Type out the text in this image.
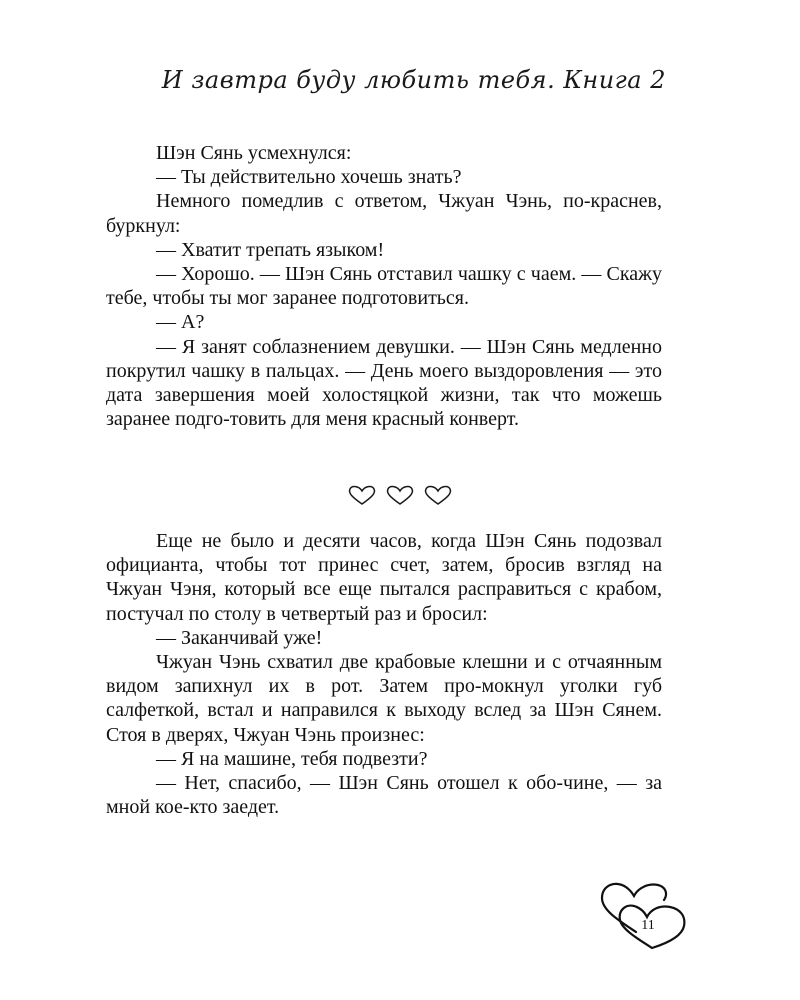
И завтра буду любить тебя. Книга 2

Шэн Сянь усмехнулся:

— Ты действительно хочешь знать?

Немного помедлив с ответом, Чжуан Чэнь, по-краснев, буркнул:

— Хватит трепать языком!

— Хорошо. — Шэн Сянь отставил чашку с чаем. — Скажу тебе, чтобы ты мог заранее подготовиться.

— А?

— Я занят соблазнением девушки. — Шэн Сянь медленно покрутил чашку в пальцах. — День моего выздоровления — это дата завершения моей холостяцкой жизни, так что можешь заранее подго-товить для меня красный конверт.

Еще не было и десяти часов, когда Шэн Сянь подозвал официанта, чтобы тот принес счет, затем, бросив взгляд на Чжуан Чэня, который все еще пытался расправиться с крабом, постучал по столу в четвертый раз и бросил:

— Заканчивай уже!

Чжуан Чэнь схватил две крабовые клешни и с отчаянным видом запихнул их в рот. Затем про-мокнул уголки губ салфеткой, встал и направился к выходу вслед за Шэн Сянем. Стоя в дверях, Чжуан Чэнь произнес:

— Я на машине, тебя подвезти?

— Нет, спасибо, — Шэн Сянь отошел к обо-чине, — за мной кое-кто заедет.

11
